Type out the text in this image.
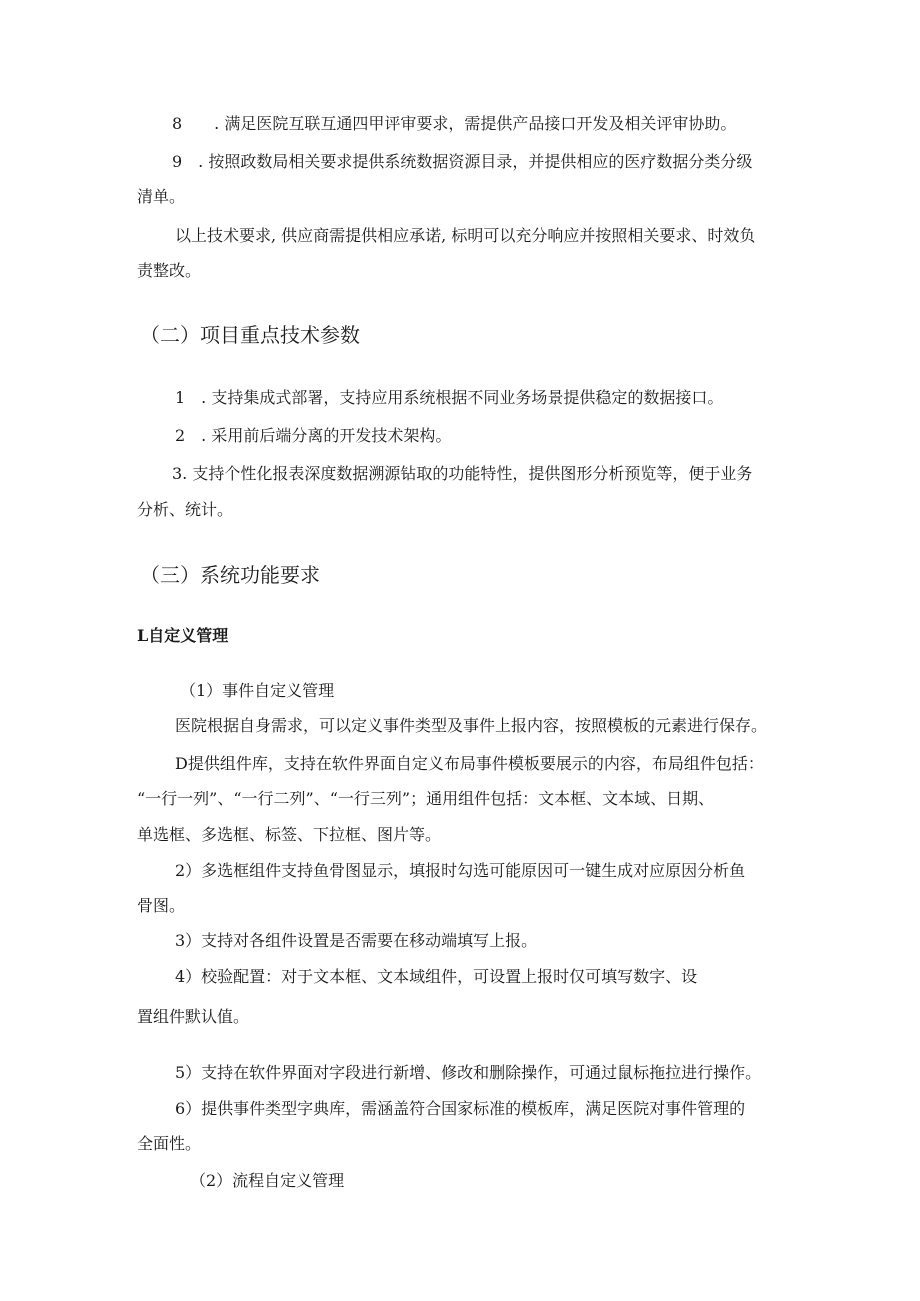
8　　. 满足医院互联互通四甲评审要求，需提供产品接口开发及相关评审协助。
9　. 按照政数局相关要求提供系统数据资源目录，并提供相应的医疗数据分类分级
清单。
以上技术要求, 供应商需提供相应承诺, 标明可以充分响应并按照相关要求、时效负
责整改。
（二）项目重点技术参数
1　. 支持集成式部署，支持应用系统根据不同业务场景提供稳定的数据接口。
2　. 采用前后端分离的开发技术架构。
3. 支持个性化报表深度数据溯源钻取的功能特性，提供图形分析预览等，便于业务
分析、统计。
（三）系统功能要求
L自定义管理
（1）事件自定义管理
医院根据自身需求，可以定义事件类型及事件上报内容，按照模板的元素进行保存。
D提供组件库，支持在软件界面自定义布局事件模板要展示的内容，布局组件包括：
“一行一列”、“一行二列”、“一行三列”；通用组件包括：文本框、文本域、日期、
单选框、多选框、标签、下拉框、图片等。
2）多选框组件支持鱼骨图显示，填报时勾选可能原因可一键生成对应原因分析鱼
骨图。
3）支持对各组件设置是否需要在移动端填写上报。
4）校验配置：对于文本框、文本域组件，可设置上报时仅可填写数字、设
置组件默认值。
5）支持在软件界面对字段进行新增、修改和删除操作，可通过鼠标拖拉进行操作。
6）提供事件类型字典库，需涵盖符合国家标准的模板库，满足医院对事件管理的
全面性。
（2）流程自定义管理
